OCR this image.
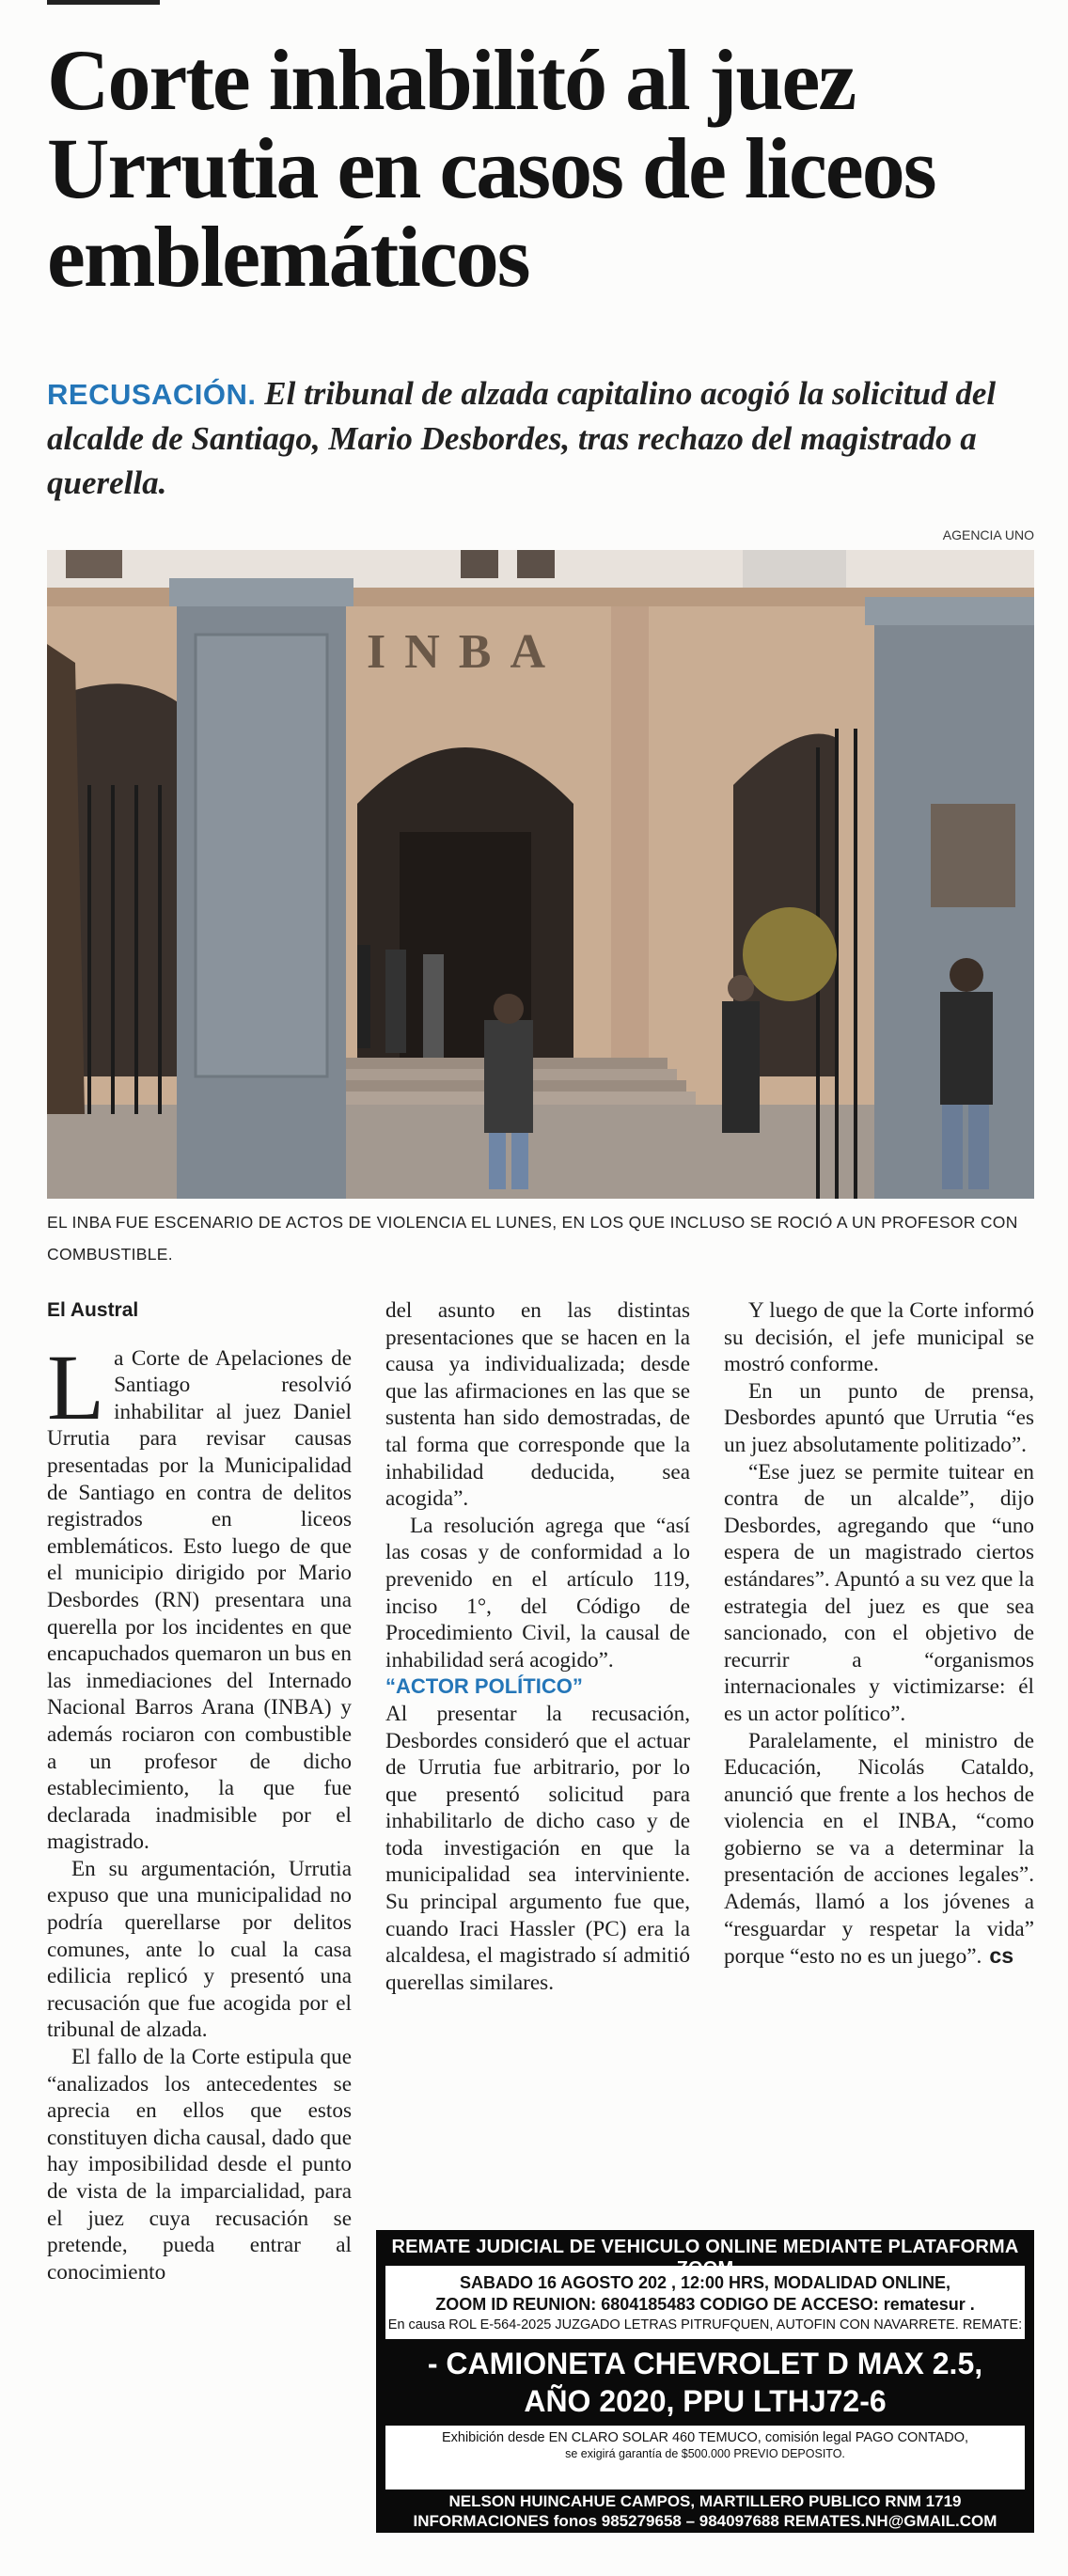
Corte inhabilitó al juez Urrutia en casos de liceos emblemáticos
RECUSACIÓN. El tribunal de alzada capitalino acogió la solicitud del alcalde de Santiago, Mario Desbordes, tras rechazo del magistrado a querella.
AGENCIA UNO
INBA
EL INBA FUE ESCENARIO DE ACTOS DE VIOLENCIA EL LUNES, EN LOS QUE INCLUSO SE ROCIÓ A UN PROFESOR CON COMBUSTIBLE.
El Austral

La Corte de Apelaciones de Santiago resolvió inhabilitar al juez Daniel Urrutia para revisar causas presentadas por la Municipalidad de Santiago en contra de delitos registrados en liceos emblemáticos. Esto luego de que el municipio dirigido por Mario Desbordes (RN) presentara una querella por los incidentes en que encapuchados quemaron un bus en las inmediaciones del Internado Nacional Barros Arana (INBA) y además rociaron con combustible a un profesor de dicho establecimiento, la que fue declarada inadmisible por el magistrado.

En su argumentación, Urrutia expuso que una municipalidad no podría querellarse por delitos comunes, ante lo cual la casa edilicia replicó y presentó una recusación que fue acogida por el tribunal de alzada.

El fallo de la Corte estipula que “analizados los antecedentes se aprecia en ellos que estos constituyen dicha causal, dado que hay imposibilidad desde el punto de vista de la imparcialidad, para el juez cuya recusación se pretende, pueda entrar al conocimiento

del asunto en las distintas presentaciones que se hacen en la causa ya individualizada; desde que las afirmaciones en las que se sustenta han sido demostradas, de tal forma que corresponde que la inhabilidad deducida, sea acogida”.

La resolución agrega que “así las cosas y de conformidad a lo prevenido en el artículo 119, inciso 1°, del Código de Procedimiento Civil, la causal de inhabilidad será acogido”.

“ACTOR POLÍTICO”

Al presentar la recusación, Desbordes consideró que el actuar de Urrutia fue arbitrario, por lo que presentó solicitud para inhabilitarlo de dicho caso y de toda investigación en que la municipalidad sea interviniente. Su principal argumento fue que, cuando Iraci Hassler (PC) era la alcaldesa, el magistrado sí admitió querellas similares.

Y luego de que la Corte informó su decisión, el jefe municipal se mostró conforme.

En un punto de prensa, Desbordes apuntó que Urrutia “es un juez absolutamente politizado”.

“Ese juez se permite tuitear en contra de un alcalde”, dijo Desbordes, agregando que “uno espera de un magistrado ciertos estándares”. Apuntó a su vez que la estrategia del juez es que sea sancionado, con el objetivo de recurrir a “organismos internacionales y victimizarse: él es un actor político”.

Paralelamente, el ministro de Educación, Nicolás Cataldo, anunció que frente a los hechos de violencia en el INBA, “como gobierno se va a determinar la presentación de acciones legales”. Además, llamó a los jóvenes a “resguardar y respetar la vida” porque “esto no es un juego”. cs

REMATE JUDICIAL DE VEHICULO ONLINE MEDIANTE PLATAFORMA
SABADO 16 AGOSTO 202 , 12:00 HRS, MODALIDAD ONLINE,
ZOOM ID REUNION: 6804185483 CODIGO DE ACCESO: rematesur .
En causa ROL E-564-2025 JUZGADO LETRAS PITRUFQUEN, AUTOFIN CON NAVARRETE. REMATE:
- CAMIONETA CHEVROLET D MAX 2.5,
AÑO 2020, PPU LTHJ72-6
Exhibición desde EN CLARO SOLAR 460 TEMUCO, comisión legal PAGO CONTADO,
se exigirá garantía de $500.000 PREVIO DEPOSITO.
NELSON HUINCAHUE CAMPOS, MARTILLERO PUBLICO RNM 1719
INFORMACIONES fonos 985279658 – 984097688 REMATES.NH@GMAIL.COM
